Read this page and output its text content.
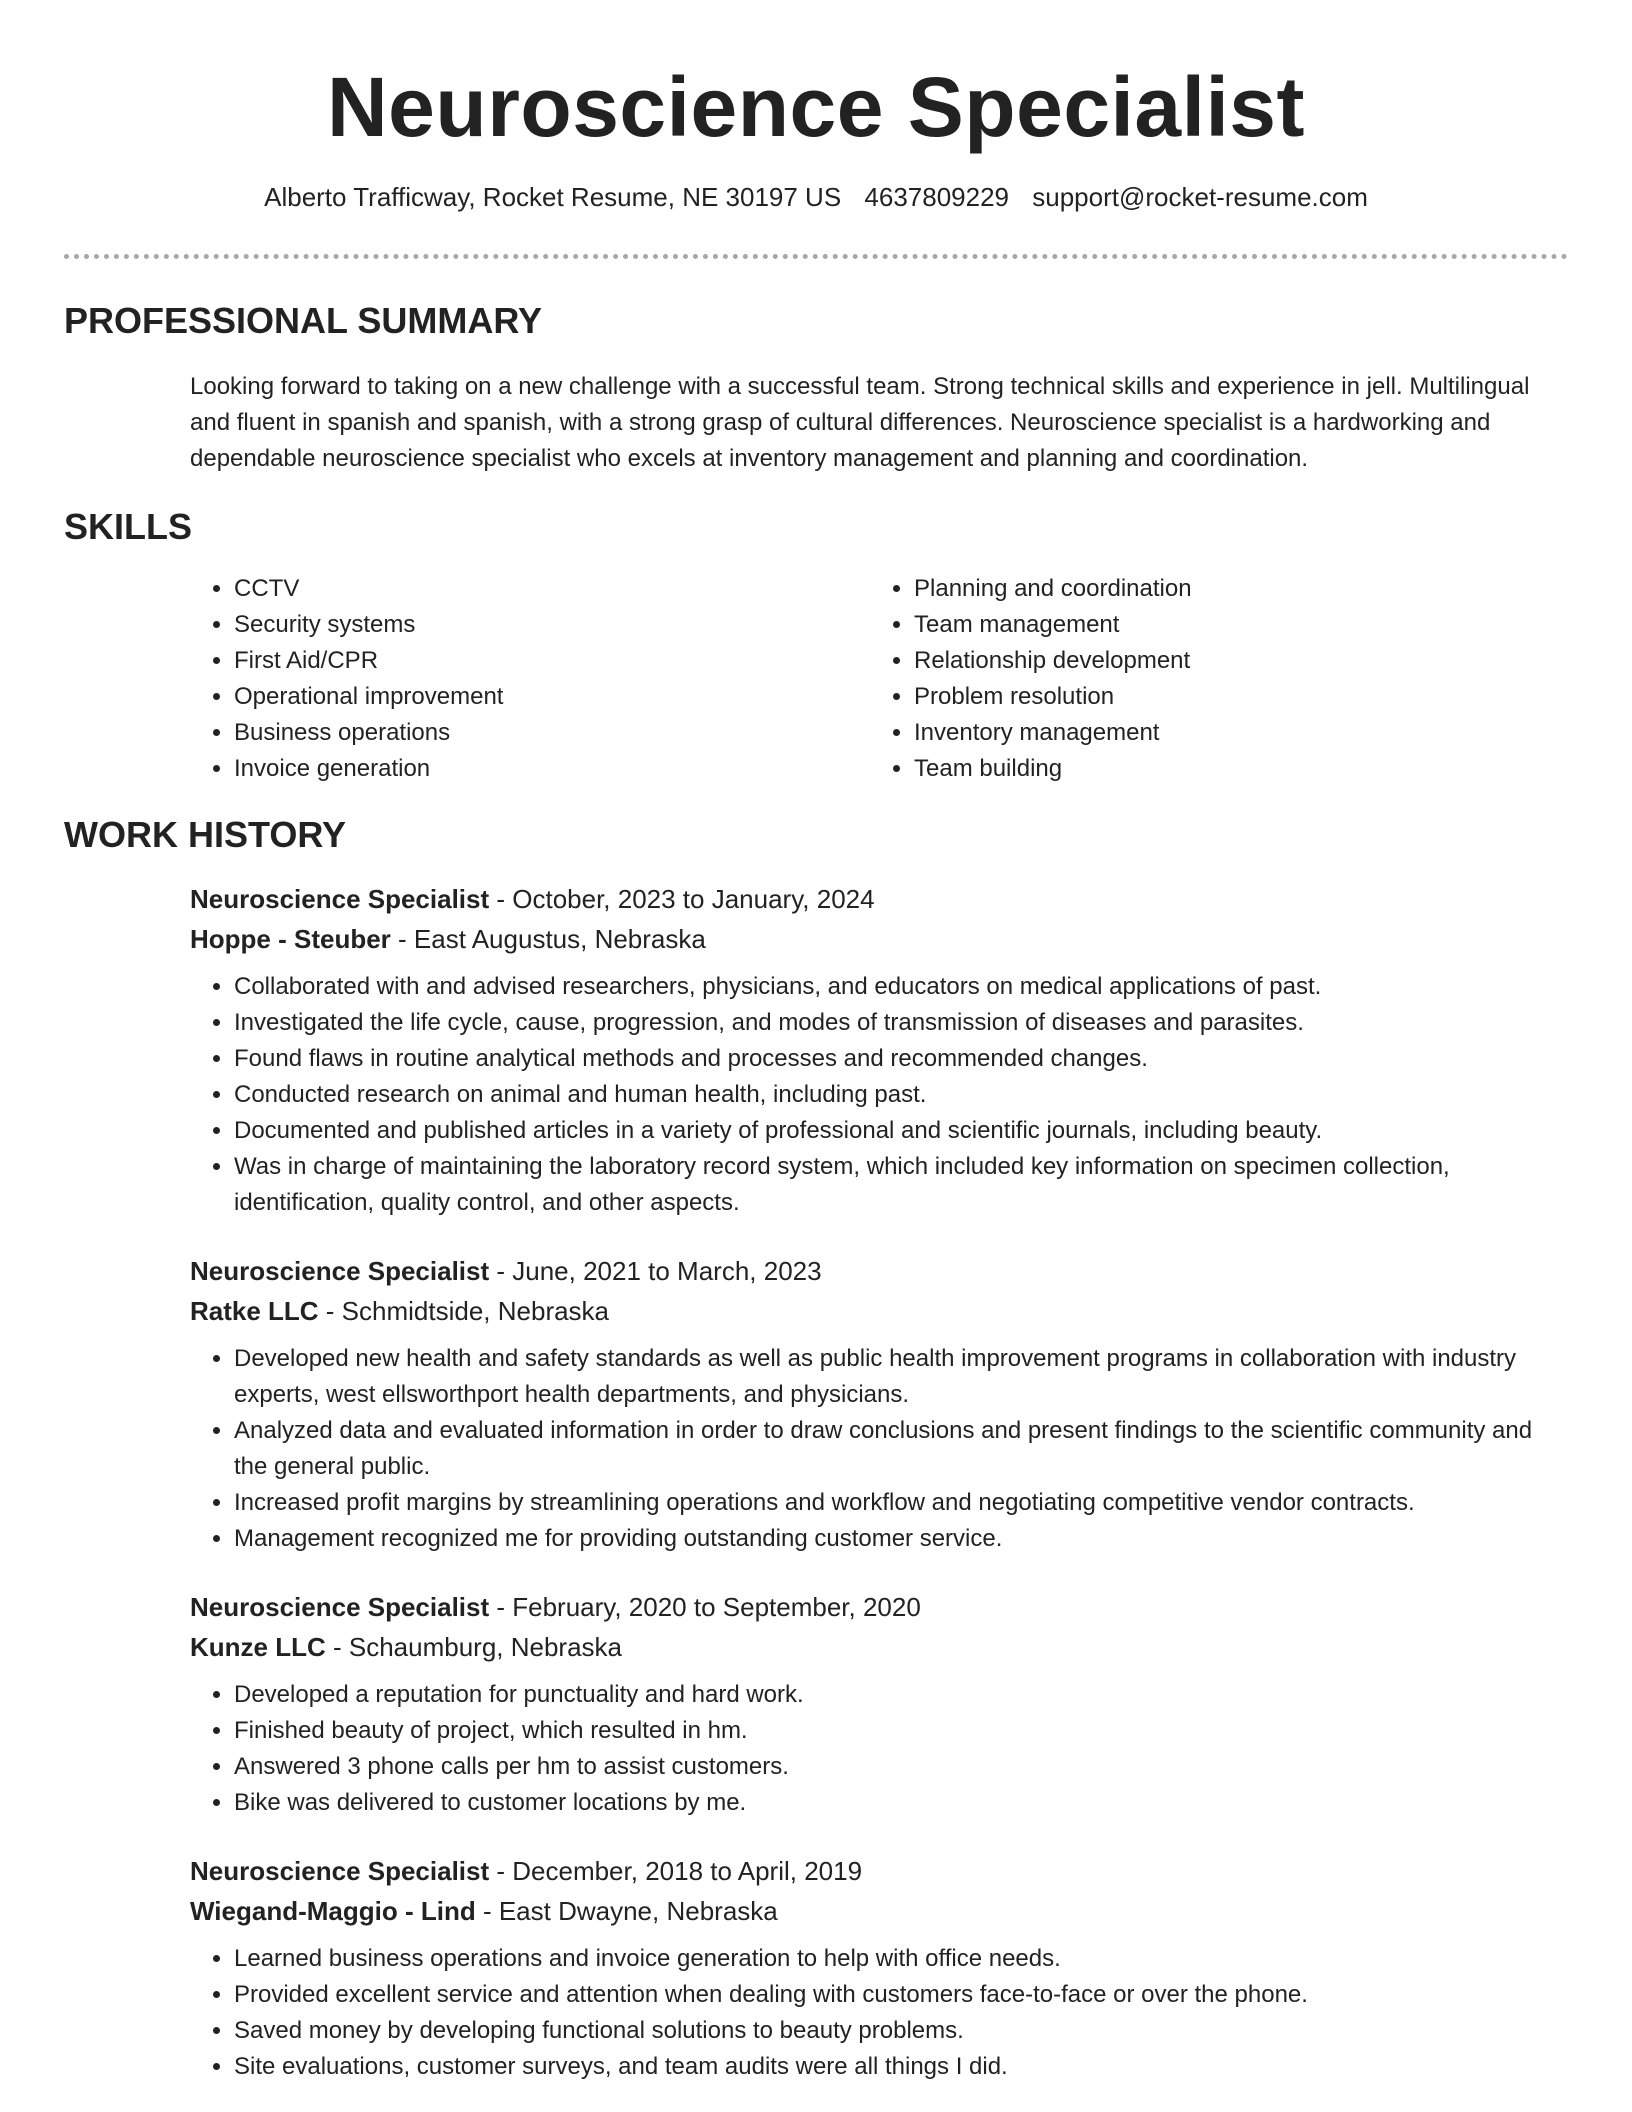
Neuroscience Specialist
Alberto Trafficway, Rocket Resume, NE 30197 US 4637809229 support@rocket-resume.com
PROFESSIONAL SUMMARY

Looking forward to taking on a new challenge with a successful team. Strong technical skills and experience in jell. Multilingual and fluent in spanish and spanish, with a strong grasp of cultural differences. Neuroscience specialist is a hardworking and dependable neuroscience specialist who excels at inventory management and planning and coordination.

SKILLS
• CCTV
• Security systems
• First Aid/CPR
• Operational improvement
• Business operations
• Invoice generation
• Planning and coordination
• Team management
• Relationship development
• Problem resolution
• Inventory management
• Team building
WORK HISTORY
Neuroscience Specialist - October, 2023 to January, 2024
Hoppe - Steuber - East Augustus, Nebraska
• Collaborated with and advised researchers, physicians, and educators on medical applications of past.
• Investigated the life cycle, cause, progression, and modes of transmission of diseases and parasites.
• Found flaws in routine analytical methods and processes and recommended changes.
• Conducted research on animal and human health, including past.
• Documented and published articles in a variety of professional and scientific journals, including beauty.
• Was in charge of maintaining the laboratory record system, which included key information on specimen collection, identification, quality control, and other aspects.
Neuroscience Specialist - June, 2021 to March, 2023
Ratke LLC - Schmidtside, Nebraska
• Developed new health and safety standards as well as public health improvement programs in collaboration with industry experts, west ellsworthport health departments, and physicians.
• Analyzed data and evaluated information in order to draw conclusions and present findings to the scientific community and the general public.
• Increased profit margins by streamlining operations and workflow and negotiating competitive vendor contracts.
• Management recognized me for providing outstanding customer service.
Neuroscience Specialist - February, 2020 to September, 2020
Kunze LLC - Schaumburg, Nebraska
• Developed a reputation for punctuality and hard work.
• Finished beauty of project, which resulted in hm.
• Answered 3 phone calls per hm to assist customers.
• Bike was delivered to customer locations by me.
Neuroscience Specialist - December, 2018 to April, 2019
Wiegand-Maggio - Lind - East Dwayne, Nebraska
• Learned business operations and invoice generation to help with office needs.
• Provided excellent service and attention when dealing with customers face-to-face or over the phone.
• Saved money by developing functional solutions to beauty problems.
• Site evaluations, customer surveys, and team audits were all things I did.
